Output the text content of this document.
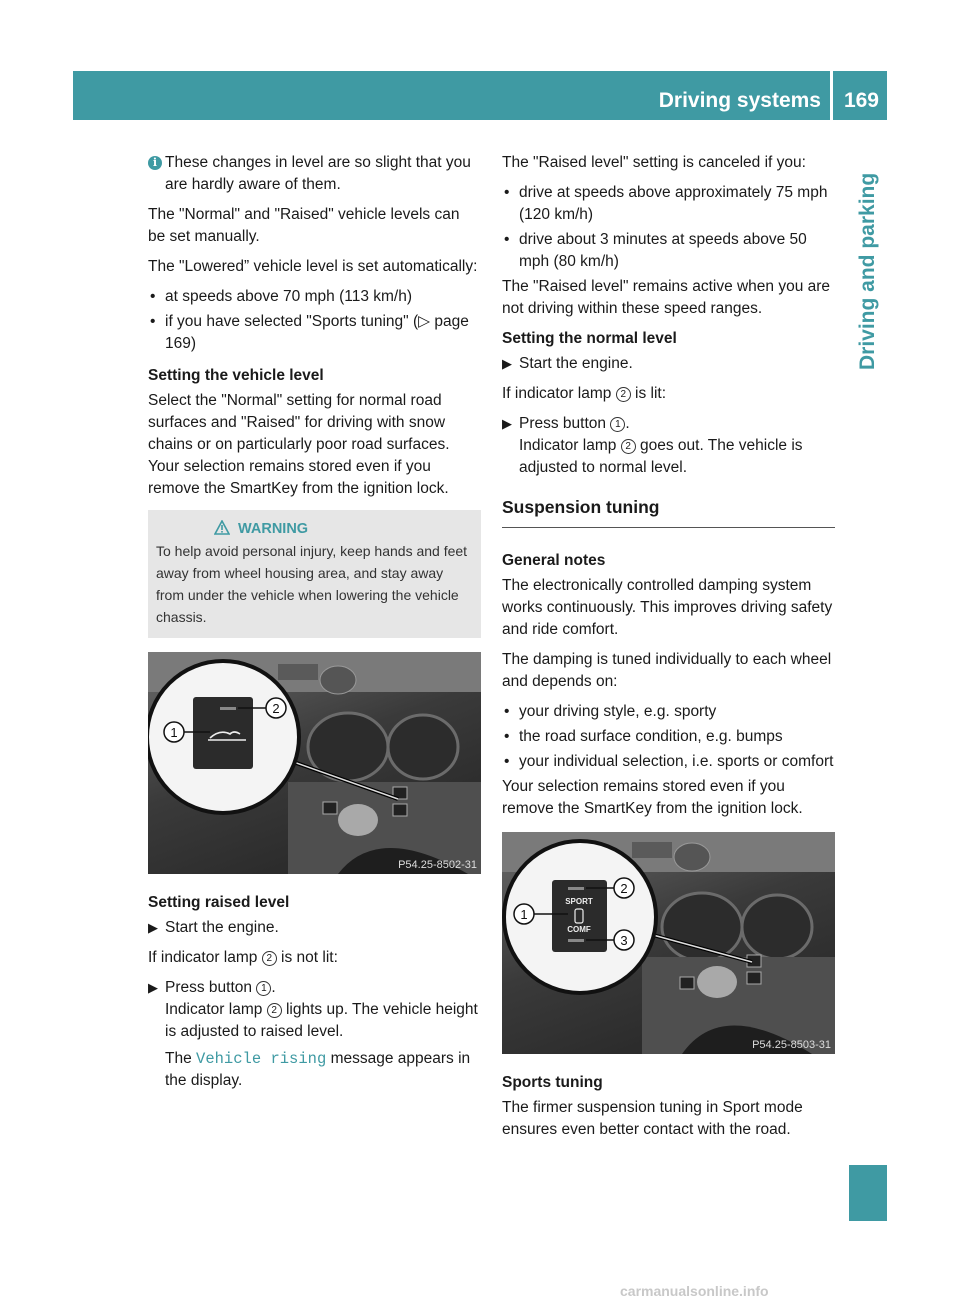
Driving systems 169
Driving and parking

i These changes in level are so slight that you are hardly aware of them.

The "Normal" and "Raised" vehicle levels can be set manually.

The "Lowered” vehicle level is set automatically:

• at speeds above 70 mph (113 km/h)
• if you have selected "Sports tuning" (▷ page 169)
Setting the vehicle level

Select the "Normal" setting for normal road surfaces and "Raised" for driving with snow chains or on particularly poor road surfaces. Your selection remains stored even if you remove the SmartKey from the ignition lock.

WARNING
To help avoid personal injury, keep hands and feet away from wheel housing area, and stay away from under the vehicle when lowering the vehicle chassis.
2
1
P54.25-8502-31
Setting raised level
▶ Start the engine.

If indicator lamp 2 is not lit:

▶ Press button 1 .
Indicator lamp 2 lights up. The vehicle height is adjusted to raised level.
The Vehicle rising message appears in the display.

The "Raised level" setting is canceled if you:

• drive at speeds above approximately 75 mph (120 km/h)
• drive about 3 minutes at speeds above 50 mph (80 km/h)

The "Raised level" remains active when you are not driving within these speed ranges.

Setting the normal level
▶ Start the engine.

If indicator lamp 2 is lit:

▶ Press button 1 .
Indicator lamp 2 goes out. The vehicle is adjusted to normal level.
Suspension tuning
General notes

The electronically controlled damping system works continuously. This improves driving safety and ride comfort.

The damping is tuned individually to each wheel and depends on:

• your driving style, e.g. sporty
• the road surface condition, e.g. bumps
• your individual selection, i.e. sports or comfort

Your selection remains stored even if you remove the SmartKey from the ignition lock.

SPORT
COMF
2
3
1
P54.25-8503-31
Sports tuning

The firmer suspension tuning in Sport mode ensures even better contact with the road.

carmanualsonline.info
